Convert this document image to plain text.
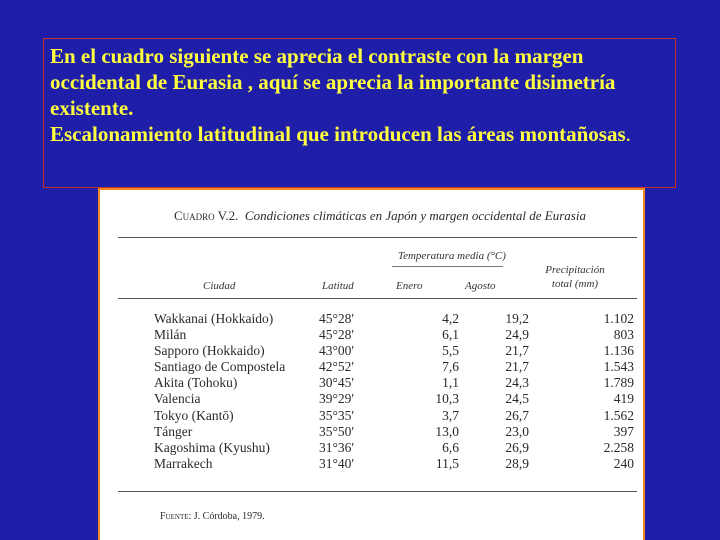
En el cuadro siguiente se aprecia el contraste con la margen occidental de Eurasia , aquí se aprecia la importante disimetría existente.

Escalonamiento latitudinal que introducen las áreas montañosas.

Cuadro V.2. Condiciones climáticas en Japón y margen occidental de Eurasia
Temperatura media (°C)
Precipitación
total (mm)
Ciudad	Latitud	Enero	Agosto
Wakkanai (Hokkaido)	45°28′	4,2	19,2	1.102
Milán	45°28′	6,1	24,9	803
Sapporo (Hokkaido)	43°00′	5,5	21,7	1.136
Santiago de Compostela	42°52′	7,6	21,7	1.543
Akita (Tohoku)	30°45′	1,1	24,3	1.789
Valencia	39°29′	10,3	24,5	419
Tokyo (Kantō)	35°35′	3,7	26,7	1.562
Tánger	35°50′	13,0	23,0	397
Kagoshima (Kyushu)	31°36′	6,6	26,9	2.258
Marrakech	31°40′	11,5	28,9	240
Fuente: J. Córdoba, 1979.
